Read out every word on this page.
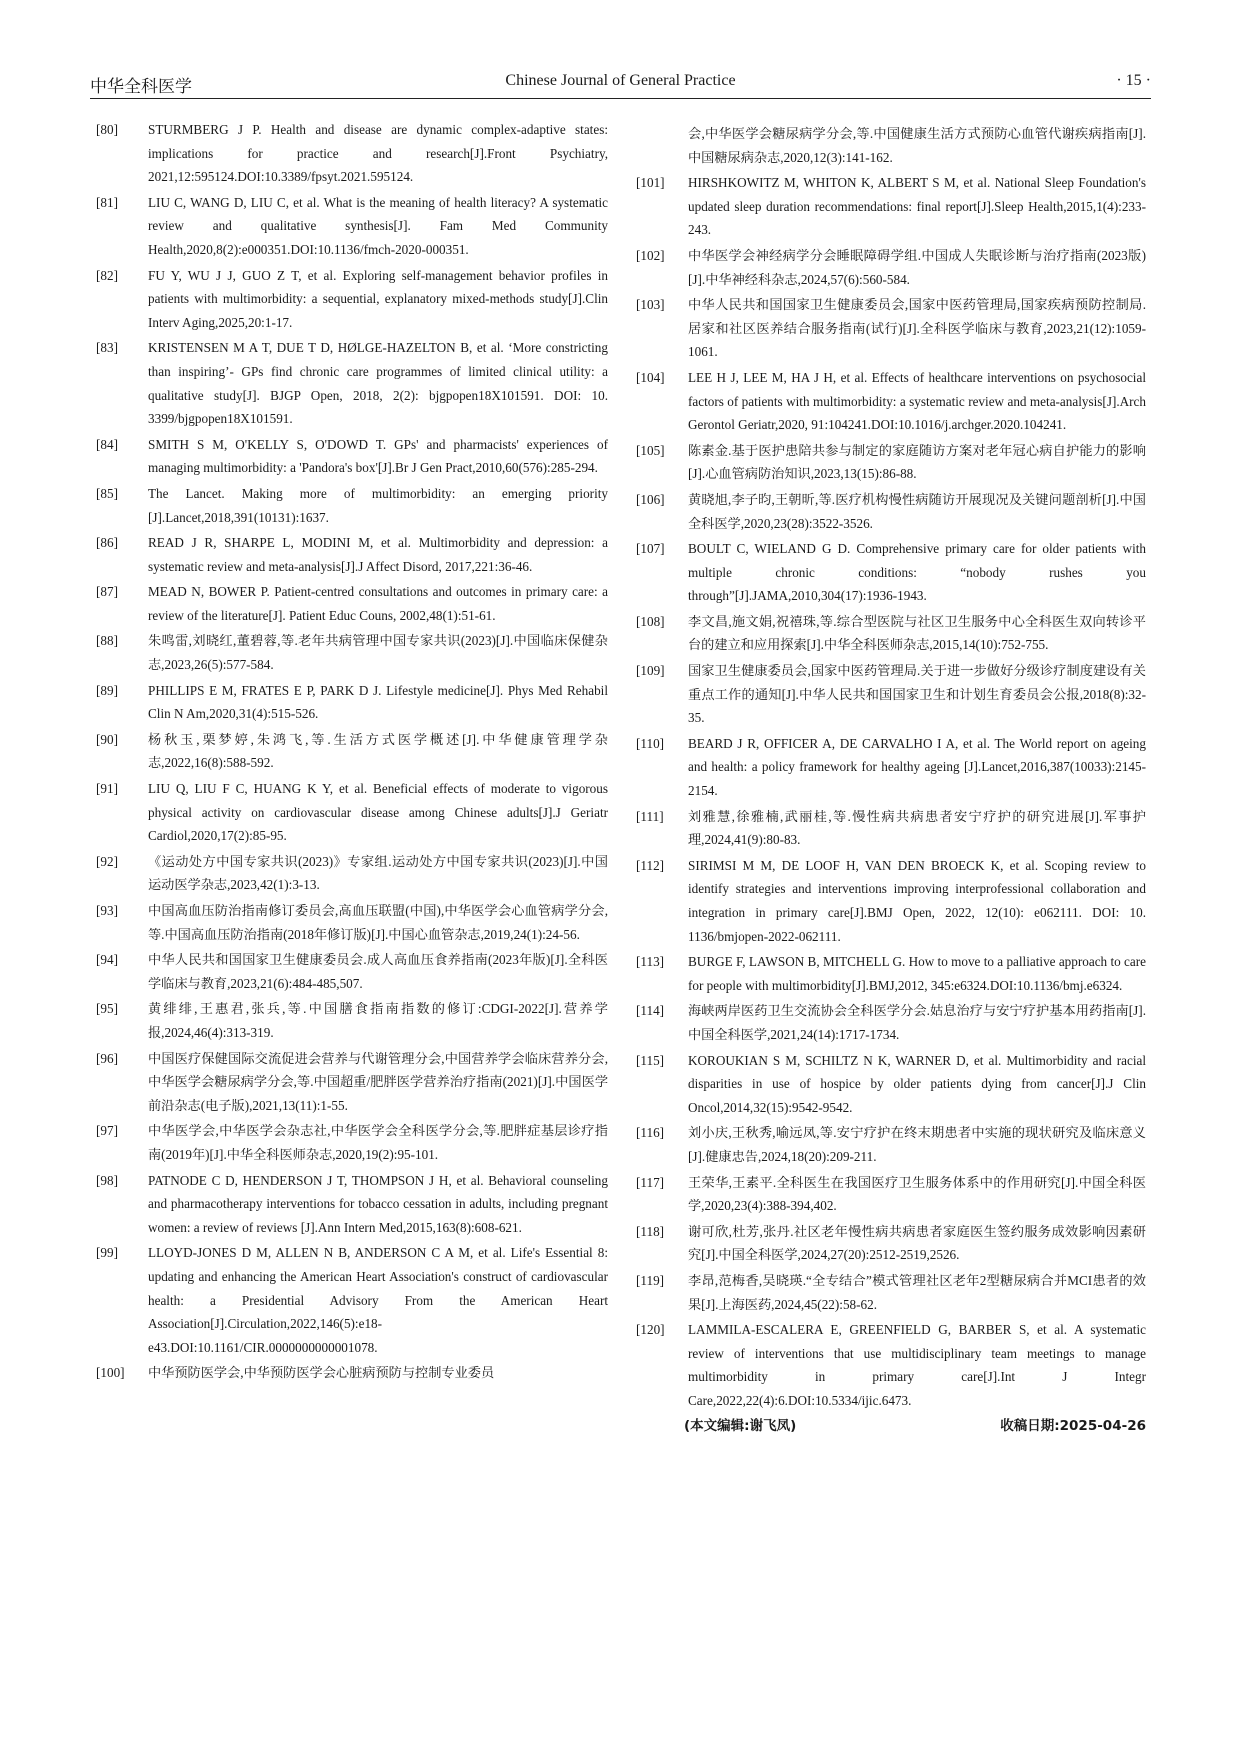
中华全科医学	Chinese Journal of General Practice	· 15 ·
[80]	STURMBERG J P. Health and disease are dynamic complex-adaptive states: implications for practice and research[J].Front Psychiatry, 2021,12:595124.DOI:10.3389/fpsyt.2021.595124.
[81]	LIU C, WANG D, LIU C, et al. What is the meaning of health literacy? A systematic review and qualitative synthesis[J]. Fam Med Community Health,2020,8(2):e000351.DOI:10.1136/fmch-2020-000351.
[82]	FU Y, WU J J, GUO Z T, et al. Exploring self-management behavior profiles in patients with multimorbidity: a sequential, explanatory mixed-methods study[J].Clin Interv Aging,2025,20:1-17.
[83]	KRISTENSEN M A T, DUE T D, HØLGE-HAZELTON B, et al. ‘More constricting than inspiring’- GPs find chronic care programmes of limited clinical utility: a qualitative study[J]. BJGP Open, 2018, 2(2): bjgpopen18X101591. DOI: 10. 3399/bjgpopen18X101591.
[84]	SMITH S M, O'KELLY S, O'DOWD T. GPs' and pharmacists' experiences of managing multimorbidity: a 'Pandora's box'[J].Br J Gen Pract,2010,60(576):285-294.
[85]	The Lancet. Making more of multimorbidity: an emerging priority [J].Lancet,2018,391(10131):1637.
[86]	READ J R, SHARPE L, MODINI M, et al. Multimorbidity and depression: a systematic review and meta-analysis[J].J Affect Disord, 2017,221:36-46.
[87]	MEAD N, BOWER P. Patient-centred consultations and outcomes in primary care: a review of the literature[J]. Patient Educ Couns, 2002,48(1):51-61.
[88]	朱鸣雷,刘晓红,董碧蓉,等.老年共病管理中国专家共识(2023)[J].中国临床保健杂志,2023,26(5):577-584.
[89]	PHILLIPS E M, FRATES E P, PARK D J. Lifestyle medicine[J]. Phys Med Rehabil Clin N Am,2020,31(4):515-526.
[90]	杨秋玉,栗梦婷,朱鸿飞,等.生活方式医学概述[J].中华健康管理学杂志,2022,16(8):588-592.
[91]	LIU Q, LIU F C, HUANG K Y, et al. Beneficial effects of moderate to vigorous physical activity on cardiovascular disease among Chinese adults[J].J Geriatr Cardiol,2020,17(2):85-95.
[92]	《运动处方中国专家共识(2023)》专家组.运动处方中国专家共识(2023)[J].中国运动医学杂志,2023,42(1):3-13.
[93]	中国高血压防治指南修订委员会,高血压联盟(中国),中华医学会心血管病学分会,等.中国高血压防治指南(2018年修订版)[J].中国心血管杂志,2019,24(1):24-56.
[94]	中华人民共和国国家卫生健康委员会.成人高血压食养指南(2023年版)[J].全科医学临床与教育,2023,21(6):484-485,507.
[95]	黄绯绯,王惠君,张兵,等.中国膳食指南指数的修订:CDGI-2022[J].营养学报,2024,46(4):313-319.
[96]	中国医疗保健国际交流促进会营养与代谢管理分会,中国营养学会临床营养分会,中华医学会糖尿病学分会,等.中国超重/肥胖医学营养治疗指南(2021)[J].中国医学前沿杂志(电子版),2021,13(11):1-55.
[97]	中华医学会,中华医学会杂志社,中华医学会全科医学分会,等.肥胖症基层诊疗指南(2019年)[J].中华全科医师杂志,2020,19(2):95-101.
[98]	PATNODE C D, HENDERSON J T, THOMPSON J H, et al. Behavioral counseling and pharmacotherapy interventions for tobacco cessation in adults, including pregnant women: a review of reviews [J].Ann Intern Med,2015,163(8):608-621.
[99]	LLOYD-JONES D M, ALLEN N B, ANDERSON C A M, et al. Life's Essential 8: updating and enhancing the American Heart Association's construct of cardiovascular health: a Presidential Advisory From the American Heart Association[J].Circulation,2022,146(5):e18-e43.DOI:10.1161/CIR.0000000000001078.
[100]	中华预防医学会,中华预防医学会心脏病预防与控制专业委员
会,中华医学会糖尿病学分会,等.中国健康生活方式预防心血管代谢疾病指南[J].中国糖尿病杂志,2020,12(3):141-162.
[101]	HIRSHKOWITZ M, WHITON K, ALBERT S M, et al. National Sleep Foundation's updated sleep duration recommendations: final report[J].Sleep Health,2015,1(4):233-243.
[102]	中华医学会神经病学分会睡眠障碍学组.中国成人失眠诊断与治疗指南(2023版)[J].中华神经科杂志,2024,57(6):560-584.
[103]	中华人民共和国国家卫生健康委员会,国家中医药管理局,国家疾病预防控制局.居家和社区医养结合服务指南(试行)[J].全科医学临床与教育,2023,21(12):1059-1061.
[104]	LEE H J, LEE M, HA J H, et al. Effects of healthcare interventions on psychosocial factors of patients with multimorbidity: a systematic review and meta-analysis[J].Arch Gerontol Geriatr,2020, 91:104241.DOI:10.1016/j.archger.2020.104241.
[105]	陈素金.基于医护患陪共参与制定的家庭随访方案对老年冠心病自护能力的影响[J].心血管病防治知识,2023,13(15):86-88.
[106]	黄晓旭,李子昀,王朝昕,等.医疗机构慢性病随访开展现况及关键问题剖析[J].中国全科医学,2020,23(28):3522-3526.
[107]	BOULT C, WIELAND G D. Comprehensive primary care for older patients with multiple chronic conditions: “nobody rushes you through”[J].JAMA,2010,304(17):1936-1943.
[108]	李文昌,施文娟,祝禧珠,等.综合型医院与社区卫生服务中心全科医生双向转诊平台的建立和应用探索[J].中华全科医师杂志,2015,14(10):752-755.
[109]	国家卫生健康委员会,国家中医药管理局.关于进一步做好分级诊疗制度建设有关重点工作的通知[J].中华人民共和国国家卫生和计划生育委员会公报,2018(8):32-35.
[110]	BEARD J R, OFFICER A, DE CARVALHO I A, et al. The World report on ageing and health: a policy framework for healthy ageing [J].Lancet,2016,387(10033):2145-2154.
[111]	刘雅慧,徐雅楠,武丽桂,等.慢性病共病患者安宁疗护的研究进展[J].军事护理,2024,41(9):80-83.
[112]	SIRIMSI M M, DE LOOF H, VAN DEN BROECK K, et al. Scoping review to identify strategies and interventions improving interprofessional collaboration and integration in primary care[J].BMJ Open, 2022, 12(10): e062111. DOI: 10. 1136/bmjopen-2022-062111.
[113]	BURGE F, LAWSON B, MITCHELL G. How to move to a palliative approach to care for people with multimorbidity[J].BMJ,2012, 345:e6324.DOI:10.1136/bmj.e6324.
[114]	海峡两岸医药卫生交流协会全科医学分会.姑息治疗与安宁疗护基本用药指南[J].中国全科医学,2021,24(14):1717-1734.
[115]	KOROUKIAN S M, SCHILTZ N K, WARNER D, et al. Multimorbidity and racial disparities in use of hospice by older patients dying from cancer[J].J Clin Oncol,2014,32(15):9542-9542.
[116]	刘小庆,王秋秀,喻远凤,等.安宁疗护在终末期患者中实施的现状研究及临床意义[J].健康忠告,2024,18(20):209-211.
[117]	王荣华,王素平.全科医生在我国医疗卫生服务体系中的作用研究[J].中国全科医学,2020,23(4):388-394,402.
[118]	谢可欣,杜芳,张丹.社区老年慢性病共病患者家庭医生签约服务成效影响因素研究[J].中国全科医学,2024,27(20):2512-2519,2526.
[119]	李昂,范梅香,吴晓瑛.“全专结合”模式管理社区老年2型糖尿病合并MCI患者的效果[J].上海医药,2024,45(22):58-62.
[120]	LAMMILA-ESCALERA E, GREENFIELD G, BARBER S, et al. A systematic review of interventions that use multidisciplinary team meetings to manage multimorbidity in primary care[J].Int J Integr Care,2022,22(4):6.DOI:10.5334/ijic.6473.
(本文编辑:谢飞凤)	收稿日期:2025-04-26
